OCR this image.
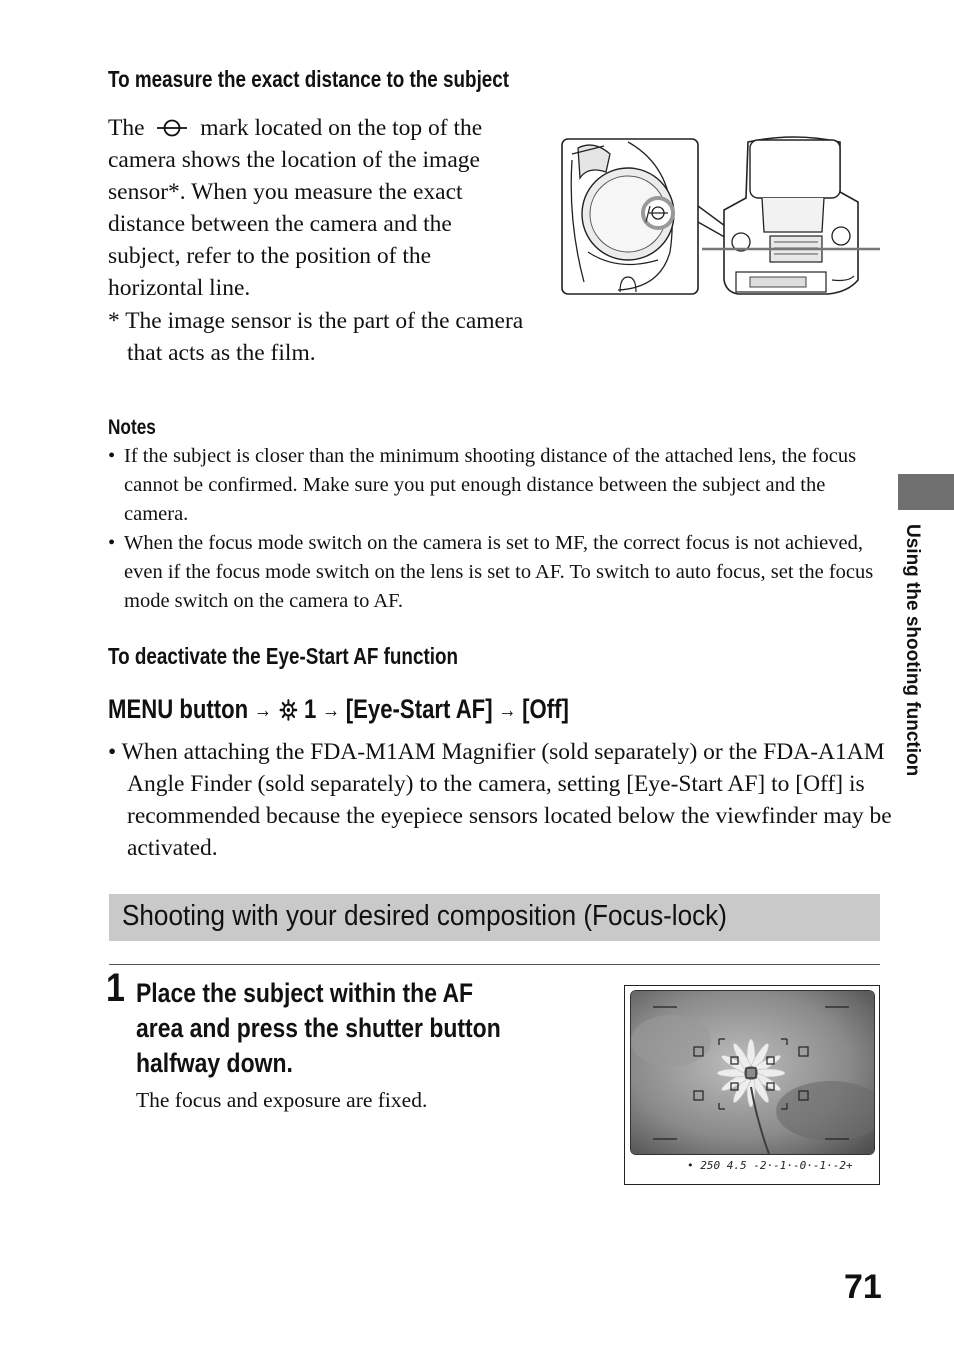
To measure the exact distance to the subject

The mark located on the top of the camera shows the location of the image sensor*. When you measure the exact distance between the camera and the subject, refer to the position of the horizontal line.

* The image sensor is the part of the camera that acts as the film.

Notes
• If the subject is closer than the minimum shooting distance of the attached lens, the focus cannot be confirmed. Make sure you put enough distance between the subject and the camera.
• When the focus mode switch on the camera is set to MF, the correct focus is not achieved, even if the focus mode switch on the lens is set to AF. To switch to auto focus, set the focus mode switch on the camera to AF.
To deactivate the Eye-Start AF function
MENU button → 1 → [Eye-Start AF] → [Off]

• When attaching the FDA-M1AM Magnifier (sold separately) or the FDA-A1AM Angle Finder (sold separately) to the camera, setting [Eye-Start AF] to [Off] is recommended because the eyepiece sensors located below the viewfinder may be activated.

Shooting with your desired composition (Focus-lock)
1 Place the subject within the AF
area and press the shutter button
halfway down.
The focus and exposure are fixed.
• 250 4.5 -2·-1·-0·-1·-2+
Using the shooting function
71
